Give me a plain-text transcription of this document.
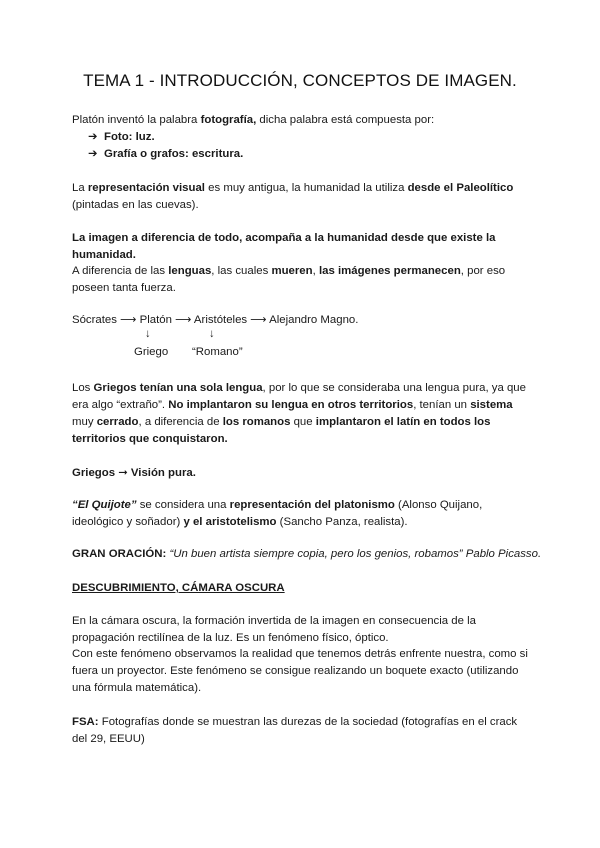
TEMA 1 - INTRODUCCIÓN, CONCEPTOS DE IMAGEN.
Platón inventó la palabra fotografía, dicha palabra está compuesta por:
➔ Foto: luz.
➔ Grafía o grafos: escritura.
La representación visual es muy antigua, la humanidad la utiliza desde el Paleolítico (pintadas en las cuevas).
La imagen a diferencia de todo, acompaña a la humanidad desde que existe la humanidad.
A diferencia de las lenguas, las cuales mueren, las imágenes permanecen, por eso poseen tanta fuerza.
Sócrates ⟶ Platón ⟶ Aristóteles ⟶ Alejandro Magno.
↓	↓
Griego “Romano”
Los Griegos tenían una sola lengua, por lo que se consideraba una lengua pura, ya que era algo “extraño”. No implantaron su lengua en otros territorios, tenían un sistema muy cerrado, a diferencia de los romanos que implantaron el latín en todos los territorios que conquistaron.
Griegos ➞ Visión pura.
“El Quijote” se considera una representación del platonismo (Alonso Quijano, ideológico y soñador) y el aristotelismo (Sancho Panza, realista).
GRAN ORACIÓN: “Un buen artista siempre copia, pero los genios, robamos” Pablo Picasso.
DESCUBRIMIENTO, CÁMARA OSCURA
En la cámara oscura, la formación invertida de la imagen en consecuencia de la propagación rectilínea de la luz. Es un fenómeno físico, óptico.
Con este fenómeno observamos la realidad que tenemos detrás enfrente nuestra, como si fuera un proyector. Este fenómeno se consigue realizando un boquete exacto (utilizando una fórmula matemática).
FSA: Fotografías donde se muestran las durezas de la sociedad (fotografías en el crack del 29, EEUU)
